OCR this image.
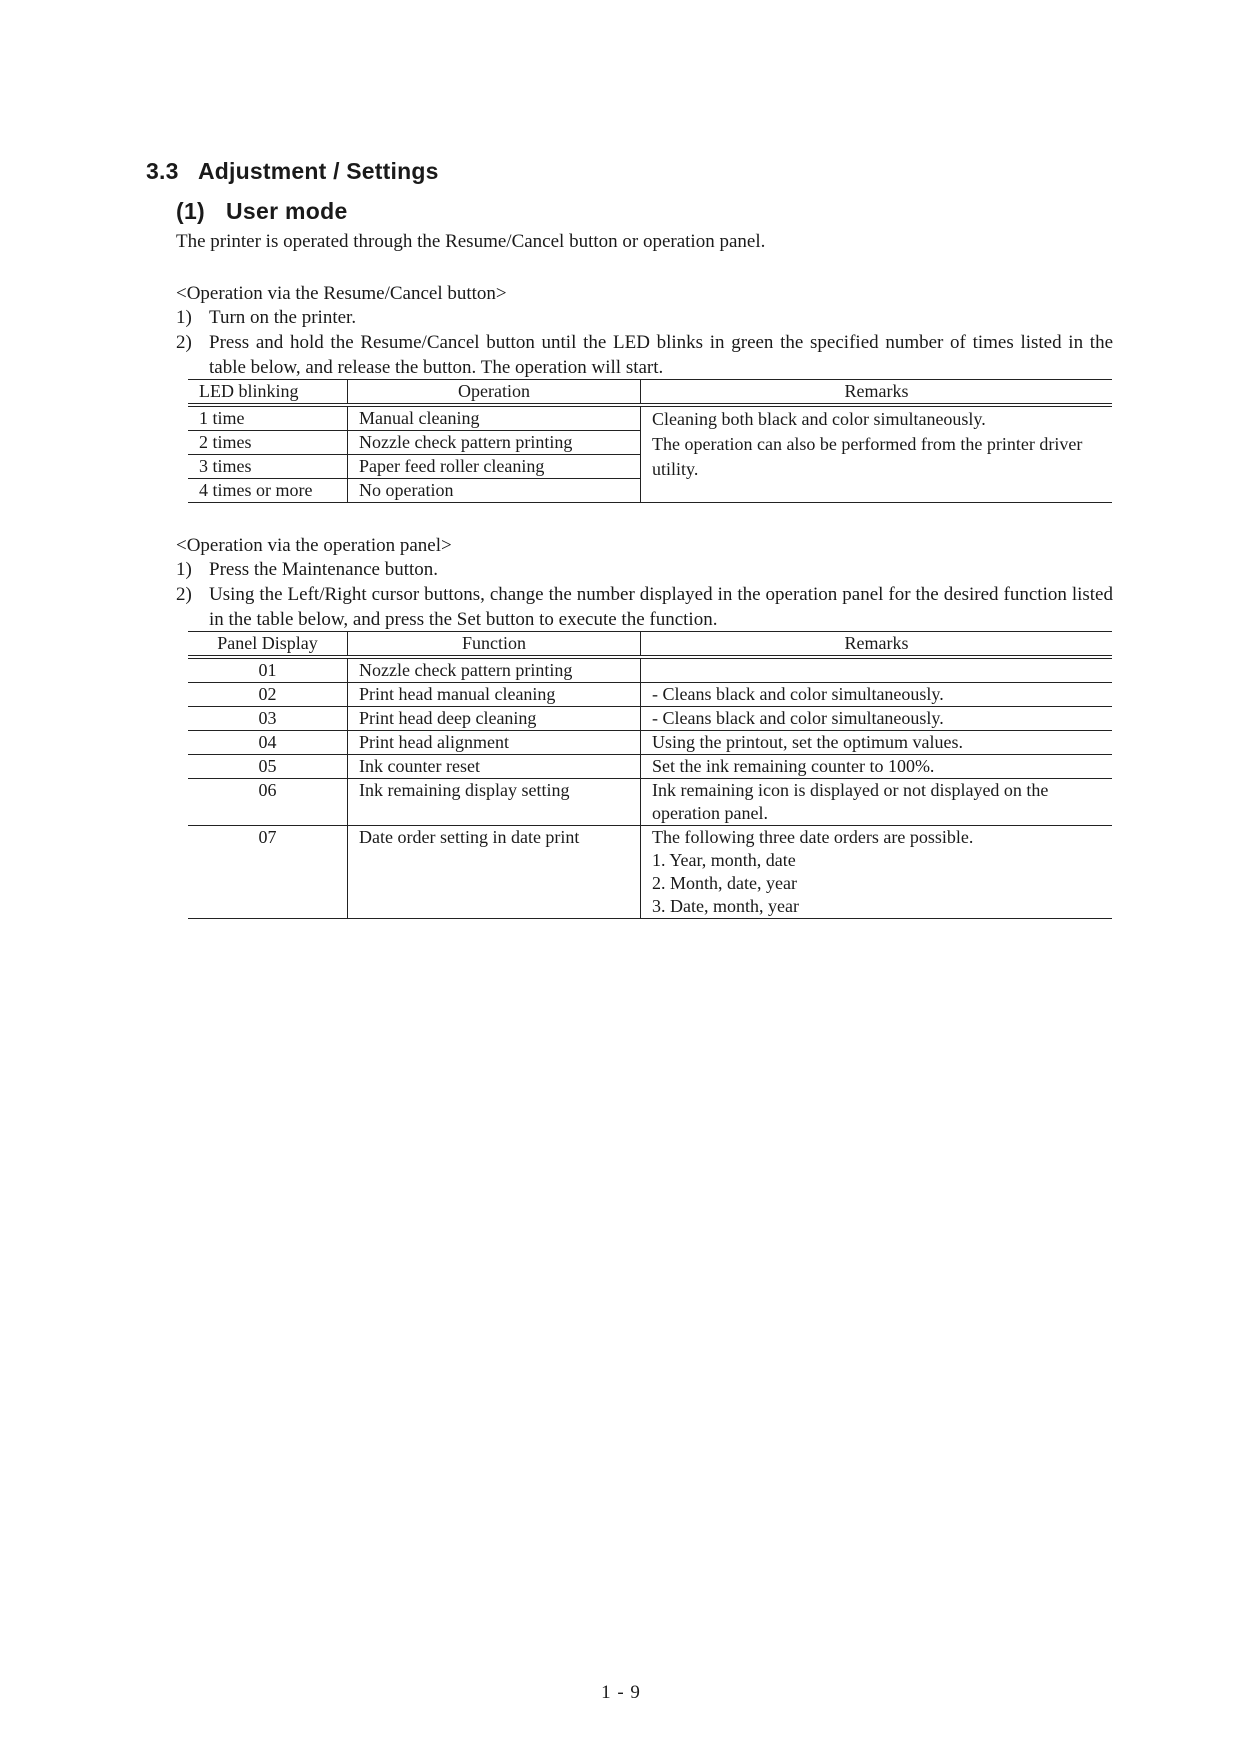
3.3 Adjustment / Settings
(1) User mode
The printer is operated through the Resume/Cancel button or operation panel.
<Operation via the Resume/Cancel button>
1) Turn on the printer.
2) Press and hold the Resume/Cancel button until the LED blinks in green the specified number of times listed in the table below, and release the button. The operation will start.
LED blinking	Operation	Remarks
1 time	Manual cleaning	Cleaning both black and color simultaneously.
The operation can also be performed from the printer driver utility.

2 times	Nozzle check pattern printing	
3 times	Paper feed roller cleaning	
4 times or more	No operation	
<Operation via the operation panel>
1) Press the Maintenance button.
2) Using the Left/Right cursor buttons, change the number displayed in the operation panel for the desired function listed in the table below, and press the Set button to execute the function.
Panel Display	Function	Remarks
01	Nozzle check pattern printing	
02	Print head manual cleaning	- Cleans black and color simultaneously.
03	Print head deep cleaning	- Cleans black and color simultaneously.
04	Print head alignment	Using the printout, set the optimum values.
05	Ink counter reset	Set the ink remaining counter to 100%.
06	Ink remaining display setting	Ink remaining icon is displayed or not displayed on the operation panel.
07	Date order setting in date print	The following three date orders are possible.
1. Year, month, date
2. Month, date, year
3. Date, month, year
1 - 9
